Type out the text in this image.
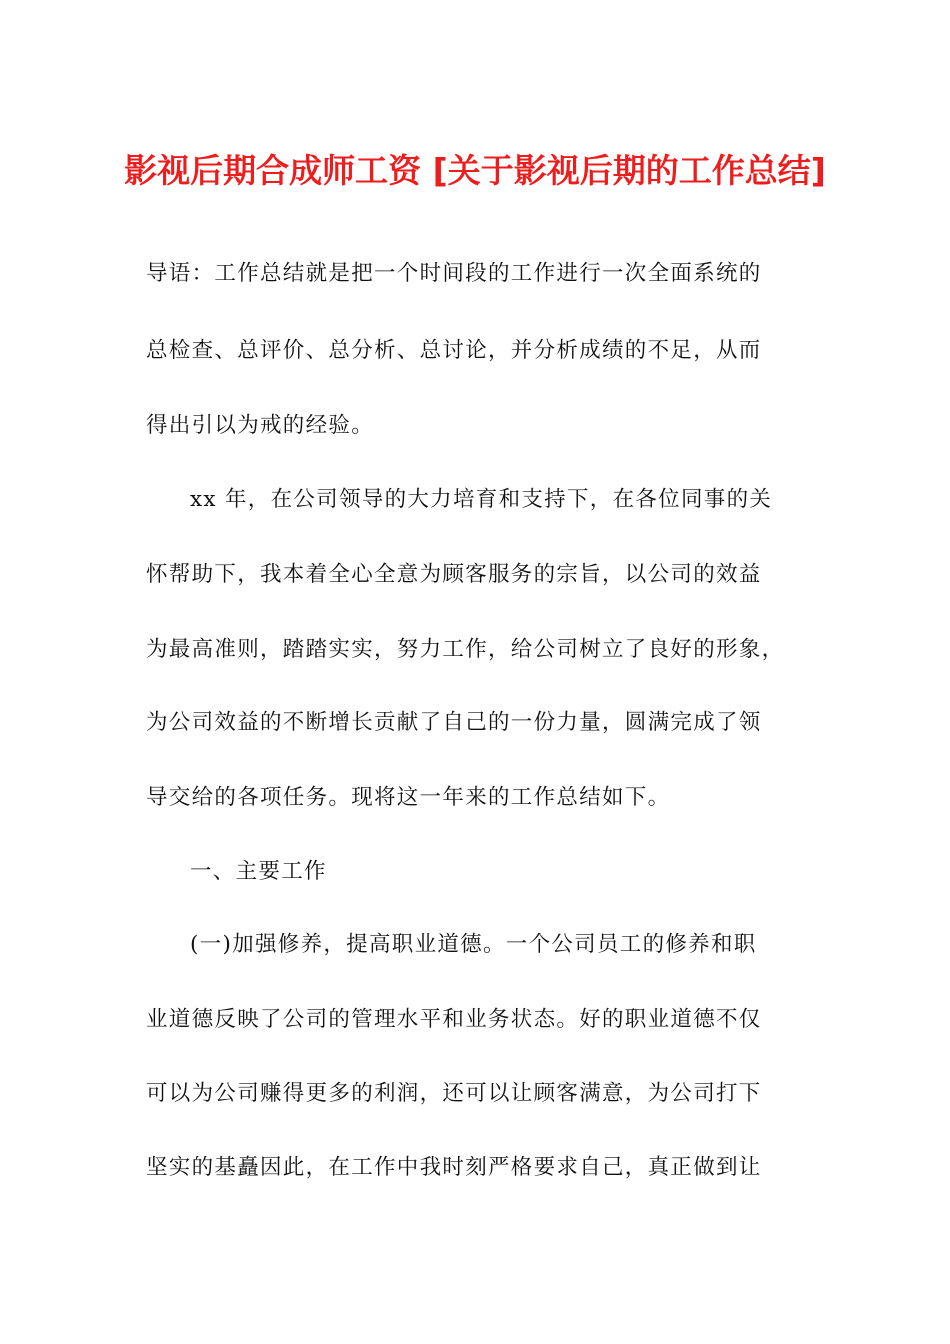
影视后期合成师工资 [关于影视后期的工作总结]
导语：工作总结就是把一个时间段的工作进行一次全面系统的
总检查、总评价、总分析、总讨论，并分析成绩的不足，从而
得出引以为戒的经验。
xx 年，在公司领导的大力培育和支持下，在各位同事的关
怀帮助下，我本着全心全意为顾客服务的宗旨，以公司的效益
为最高准则，踏踏实实，努力工作，给公司树立了良好的形象，
为公司效益的不断增长贡献了自己的一份力量，圆满完成了领
导交给的各项任务。现将这一年来的工作总结如下。
一、主要工作
(一)加强修养，提高职业道德。一个公司员工的修养和职
业道德反映了公司的管理水平和业务状态。好的职业道德不仅
可以为公司赚得更多的利润，还可以让顾客满意，为公司打下
坚实的基矗因此，在工作中我时刻严格要求自己，真正做到让
